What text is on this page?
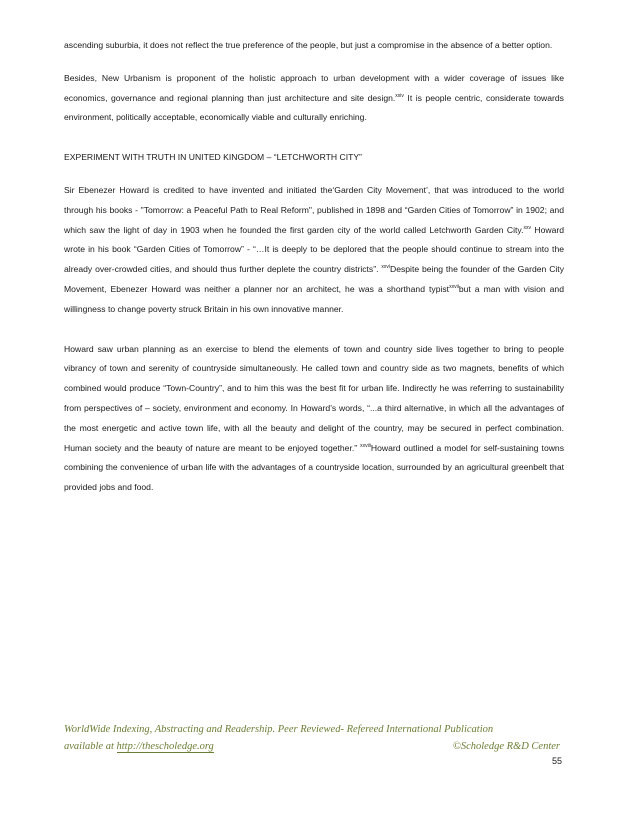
ascending suburbia, it does not reflect the true preference of the people, but just a compromise in the absence of a better option.

Besides, New Urbanism is proponent of the holistic approach to urban development with a wider coverage of issues like economics, governance and regional planning than just architecture and site design.$^{xxiv}$ It is people centric, considerate towards environment, politically acceptable, economically viable and culturally enriching.

EXPERIMENT WITH TRUTH IN UNITED KINGDOM – “LETCHWORTH CITY”

Sir Ebenezer Howard is credited to have invented and initiated the‘Garden City Movement’, that was introduced to the world through his books - "Tomorrow: a Peaceful Path to Real Reform", published in 1898 and “Garden Cities of Tomorrow” in 1902; and which saw the light of day in 1903 when he founded the first garden city of the world called Letchworth Garden City.$^{xxv}$ Howard wrote in his book “Garden Cities of Tomorrow” - “…It is deeply to be deplored that the people should continue to stream into the already over-crowded cities, and should thus further deplete the country districts”. $^{xxvi}$Despite being the founder of the Garden City Movement, Ebenezer Howard was neither a planner nor an architect, he was a shorthand typist$^{xxvii}$but a man with vision and willingness to change poverty struck Britain in his own innovative manner.

Howard saw urban planning as an exercise to blend the elements of town and country side lives together to bring to people vibrancy of town and serenity of countryside simultaneously. He called town and country side as two magnets, benefits of which combined would produce “Town-Country”, and to him this was the best fit for urban life. Indirectly he was referring to sustainability from perspectives of – society, environment and economy. In Howard’s words, “...a third alternative, in which all the advantages of the most energetic and active town life, with all the beauty and delight of the country, may be secured in perfect combination. Human society and the beauty of nature are meant to be enjoyed together.” $^{xxviii}$Howard outlined a model for self-sustaining towns combining the convenience of urban life with the advantages of a countryside location, surrounded by an agricultural greenbelt that provided jobs and food.

WorldWide Indexing, Abstracting and Readership. Peer Reviewed- Refereed International Publication
available at http://thescholedge.org	©Scholedge R&D Center
55
